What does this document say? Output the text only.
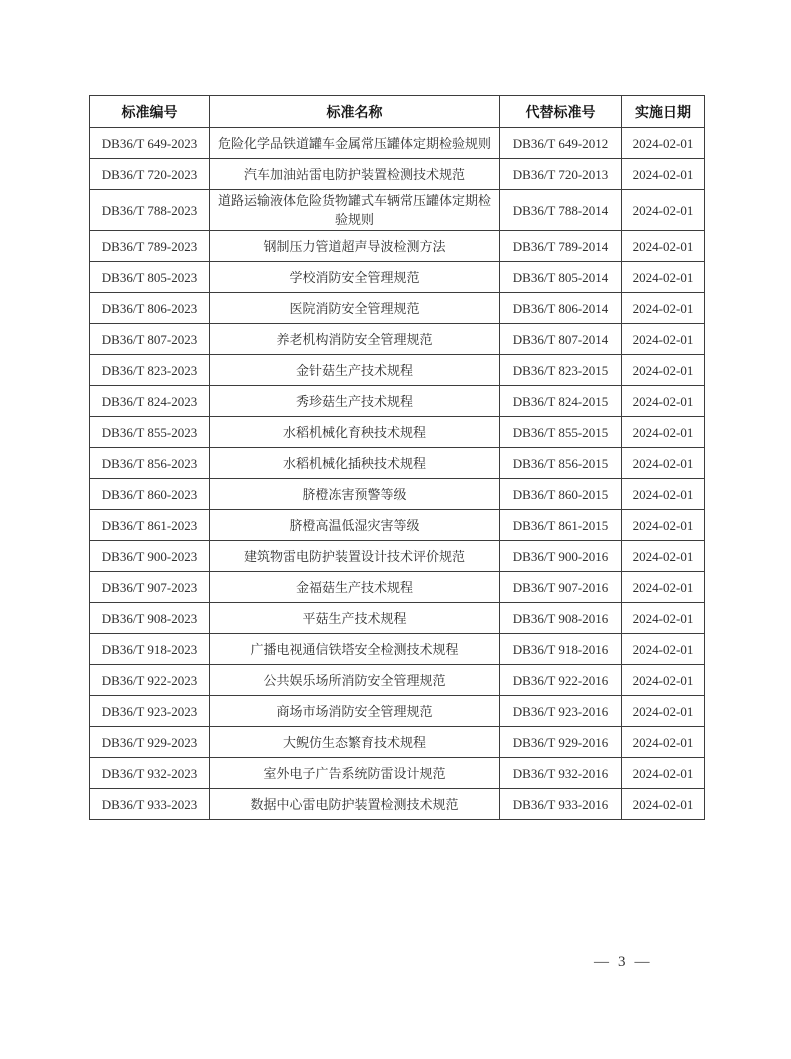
标准编号	标准名称	代替标准号	实施日期
DB36/T 649-2023	危险化学品铁道罐车金属常压罐体定期检验规则	DB36/T 649-2012	2024-02-01
DB36/T 720-2023	汽车加油站雷电防护装置检测技术规范	DB36/T 720-2013	2024-02-01
DB36/T 788-2023	道路运输液体危险货物罐式车辆常压罐体定期检验规则	DB36/T 788-2014	2024-02-01
DB36/T 789-2023	钢制压力管道超声导波检测方法	DB36/T 789-2014	2024-02-01
DB36/T 805-2023	学校消防安全管理规范	DB36/T 805-2014	2024-02-01
DB36/T 806-2023	医院消防安全管理规范	DB36/T 806-2014	2024-02-01
DB36/T 807-2023	养老机构消防安全管理规范	DB36/T 807-2014	2024-02-01
DB36/T 823-2023	金针菇生产技术规程	DB36/T 823-2015	2024-02-01
DB36/T 824-2023	秀珍菇生产技术规程	DB36/T 824-2015	2024-02-01
DB36/T 855-2023	水稻机械化育秧技术规程	DB36/T 855-2015	2024-02-01
DB36/T 856-2023	水稻机械化插秧技术规程	DB36/T 856-2015	2024-02-01
DB36/T 860-2023	脐橙冻害预警等级	DB36/T 860-2015	2024-02-01
DB36/T 861-2023	脐橙高温低湿灾害等级	DB36/T 861-2015	2024-02-01
DB36/T 900-2023	建筑物雷电防护装置设计技术评价规范	DB36/T 900-2016	2024-02-01
DB36/T 907-2023	金福菇生产技术规程	DB36/T 907-2016	2024-02-01
DB36/T 908-2023	平菇生产技术规程	DB36/T 908-2016	2024-02-01
DB36/T 918-2023	广播电视通信铁塔安全检测技术规程	DB36/T 918-2016	2024-02-01
DB36/T 922-2023	公共娱乐场所消防安全管理规范	DB36/T 922-2016	2024-02-01
DB36/T 923-2023	商场市场消防安全管理规范	DB36/T 923-2016	2024-02-01
DB36/T 929-2023	大鲵仿生态繁育技术规程	DB36/T 929-2016	2024-02-01
DB36/T 932-2023	室外电子广告系统防雷设计规范	DB36/T 932-2016	2024-02-01
DB36/T 933-2023	数据中心雷电防护装置检测技术规范	DB36/T 933-2016	2024-02-01
— 3 —
